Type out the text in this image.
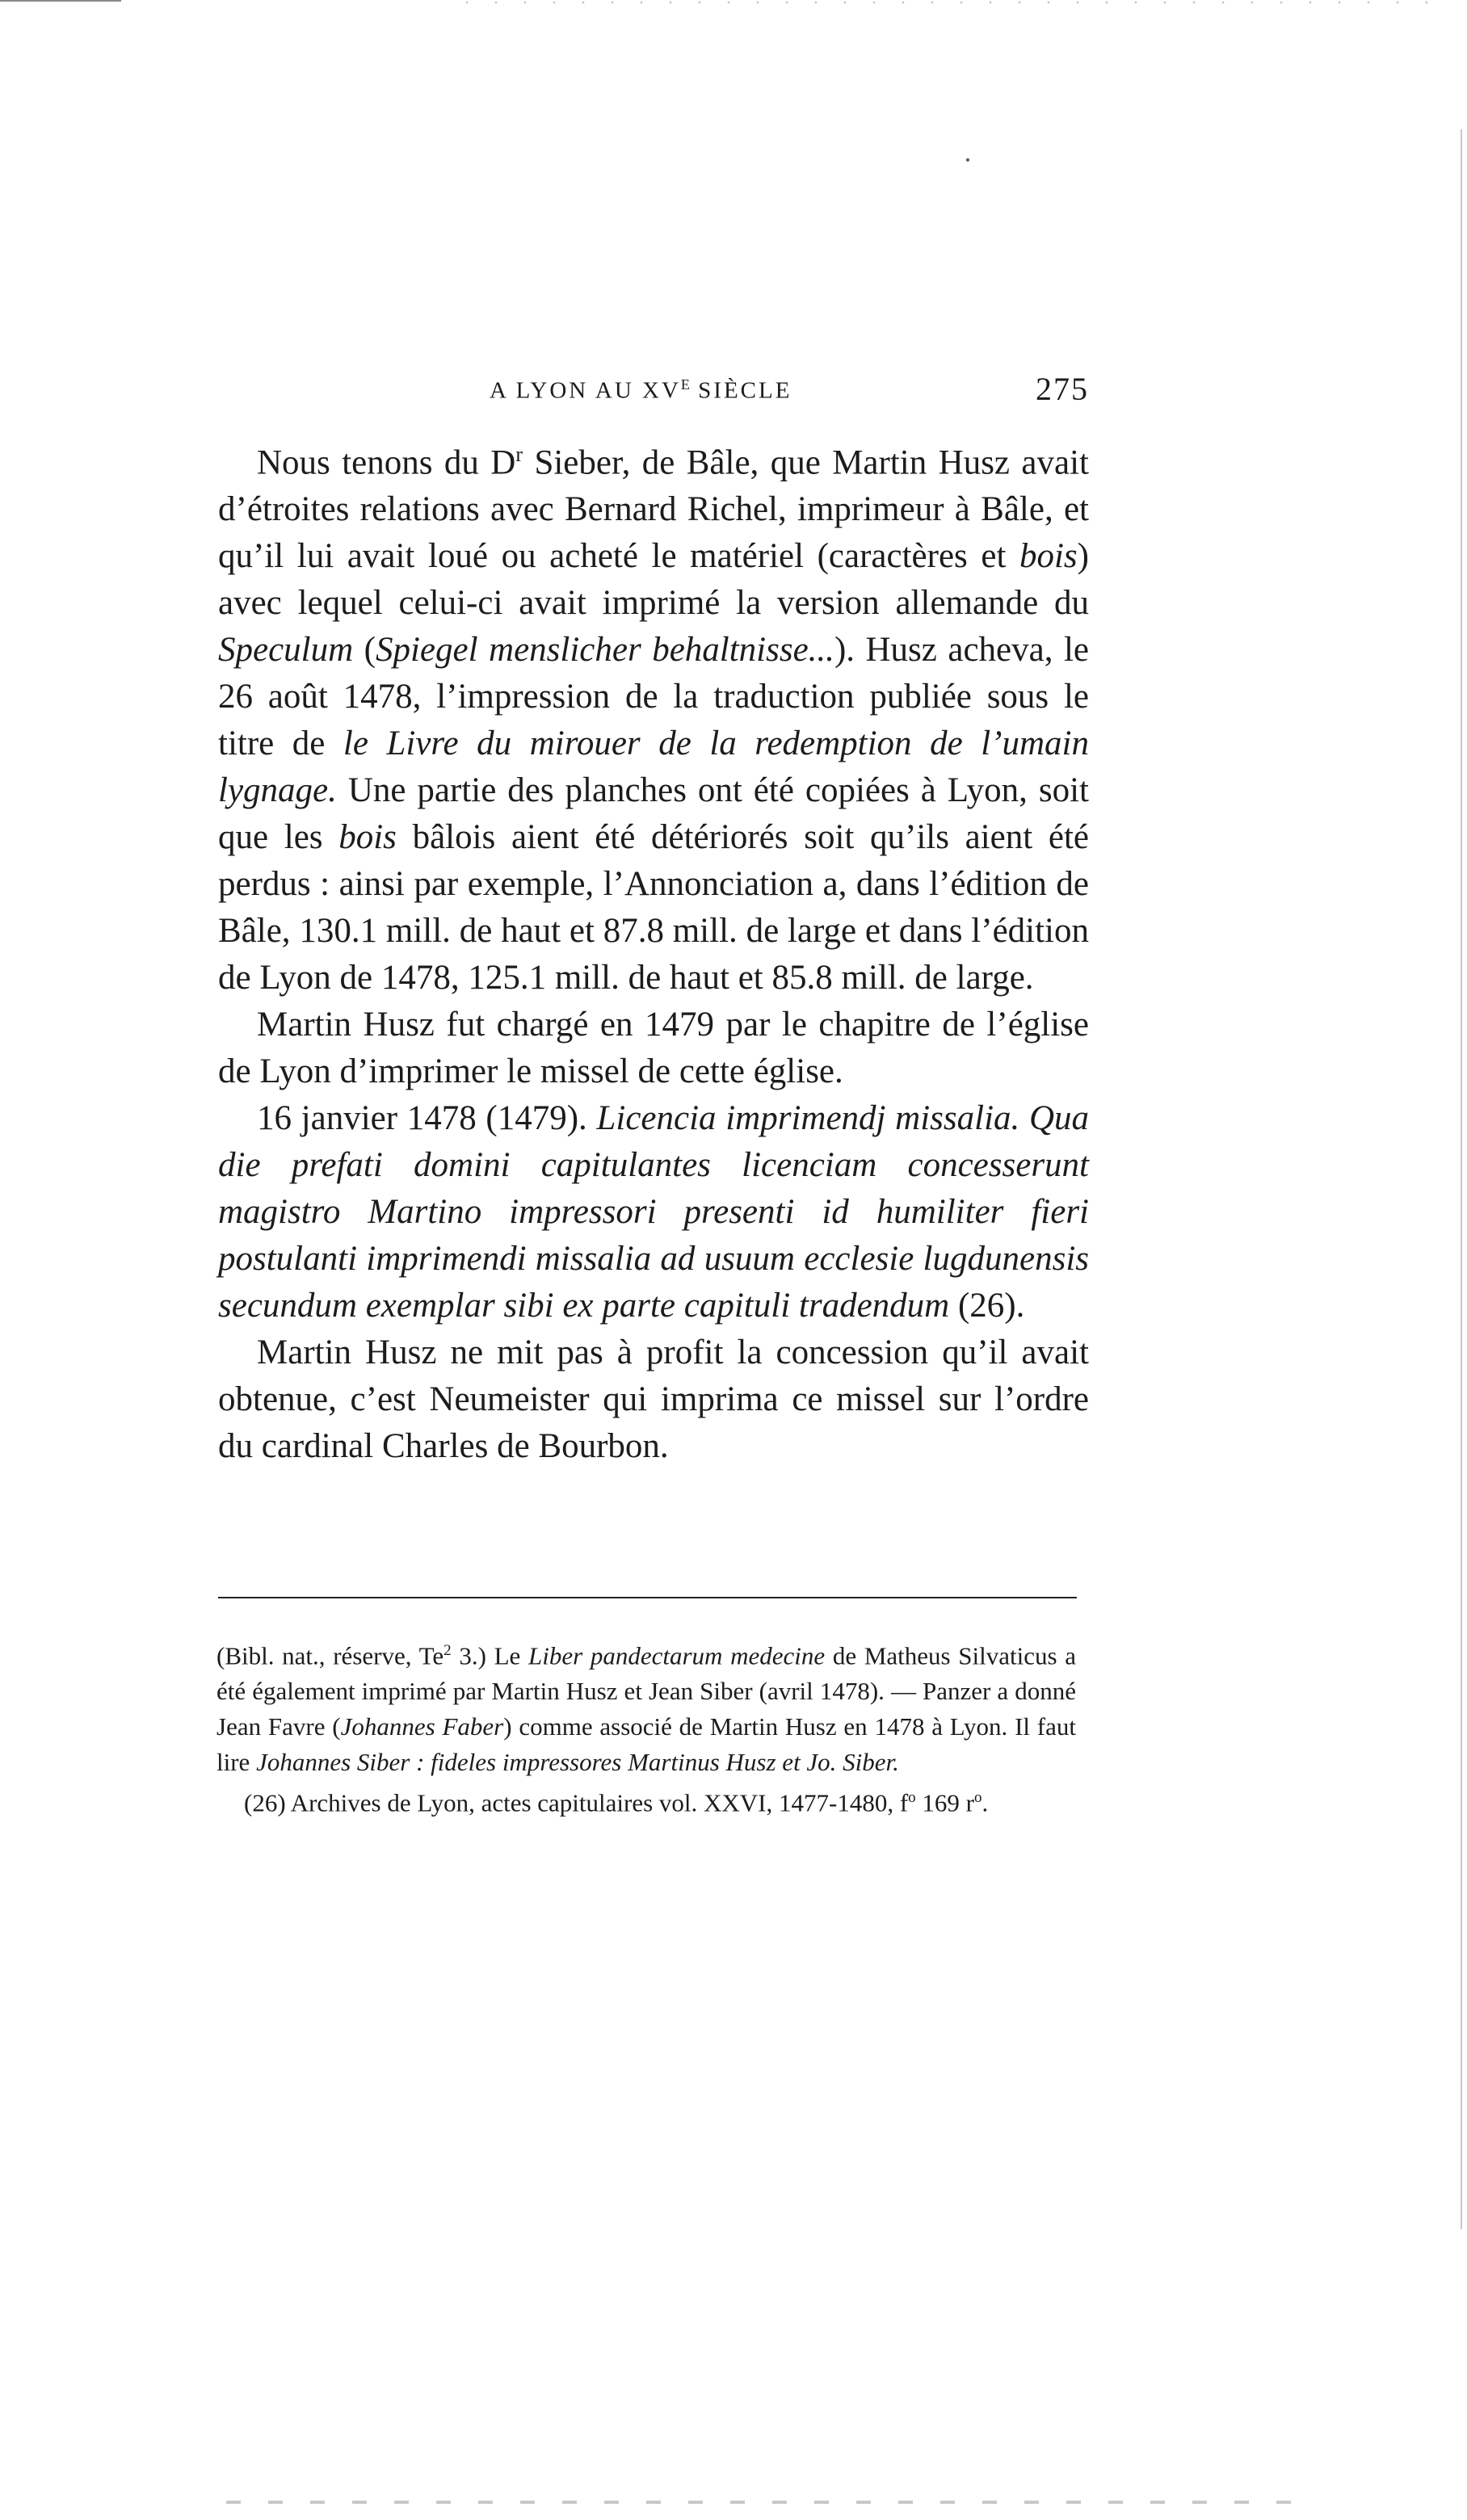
A LYON AU $XV^E$ SIÈCLE	275

Nous tenons du $D^r$ Sieber, de Bâle, que Martin Husz avait d’étroites relations avec Bernard Richel, imprimeur à Bâle, et qu’il lui avait loué ou acheté le matériel (caractères et bois) avec lequel celui-ci avait imprimé la version allemande du Speculum (Spiegel menslicher behaltnisse...). Husz acheva, le 26 août 1478, l’impression de la traduction publiée sous le titre de le Livre du mirouer de la redemption de l’umain lygnage. Une partie des planches ont été copiées à Lyon, soit que les bois bâlois aient été détériorés soit qu’ils aient été perdus : ainsi par exemple, l’Annonciation a, dans l’édition de Bâle, 130.1 mill. de haut et 87.8 mill. de large et dans l’édition de Lyon de 1478, 125.1 mill. de haut et 85.8 mill. de large.

Martin Husz fut chargé en 1479 par le chapitre de l’église de Lyon d’imprimer le missel de cette église.

16 janvier 1478 (1479). Licencia imprimendj missalia. Qua die prefati domini capitulantes licenciam concesserunt magistro Martino impressori presenti id humiliter fieri postulanti imprimendi missalia ad usuum ecclesie lugdunensis secundum exemplar sibi ex parte capituli tradendum (26).

Martin Husz ne mit pas à profit la concession qu’il avait obtenue, c’est Neumeister qui imprima ce missel sur l’ordre du cardinal Charles de Bourbon.

(Bibl. nat., réserve, Te$^2$ 3.) Le Liber pandectarum medecine de Matheus Silvaticus a été également imprimé par Martin Husz et Jean Siber (avril 1478). — Panzer a donné Jean Favre (Johannes Faber) comme associé de Martin Husz en 1478 à Lyon. Il faut lire Johannes Siber : fideles impressores Martinus Husz et Jo. Siber.

(26) Archives de Lyon, actes capitulaires vol. XXVI, 1477-1480, $f^o$ 169 $r^o$.
